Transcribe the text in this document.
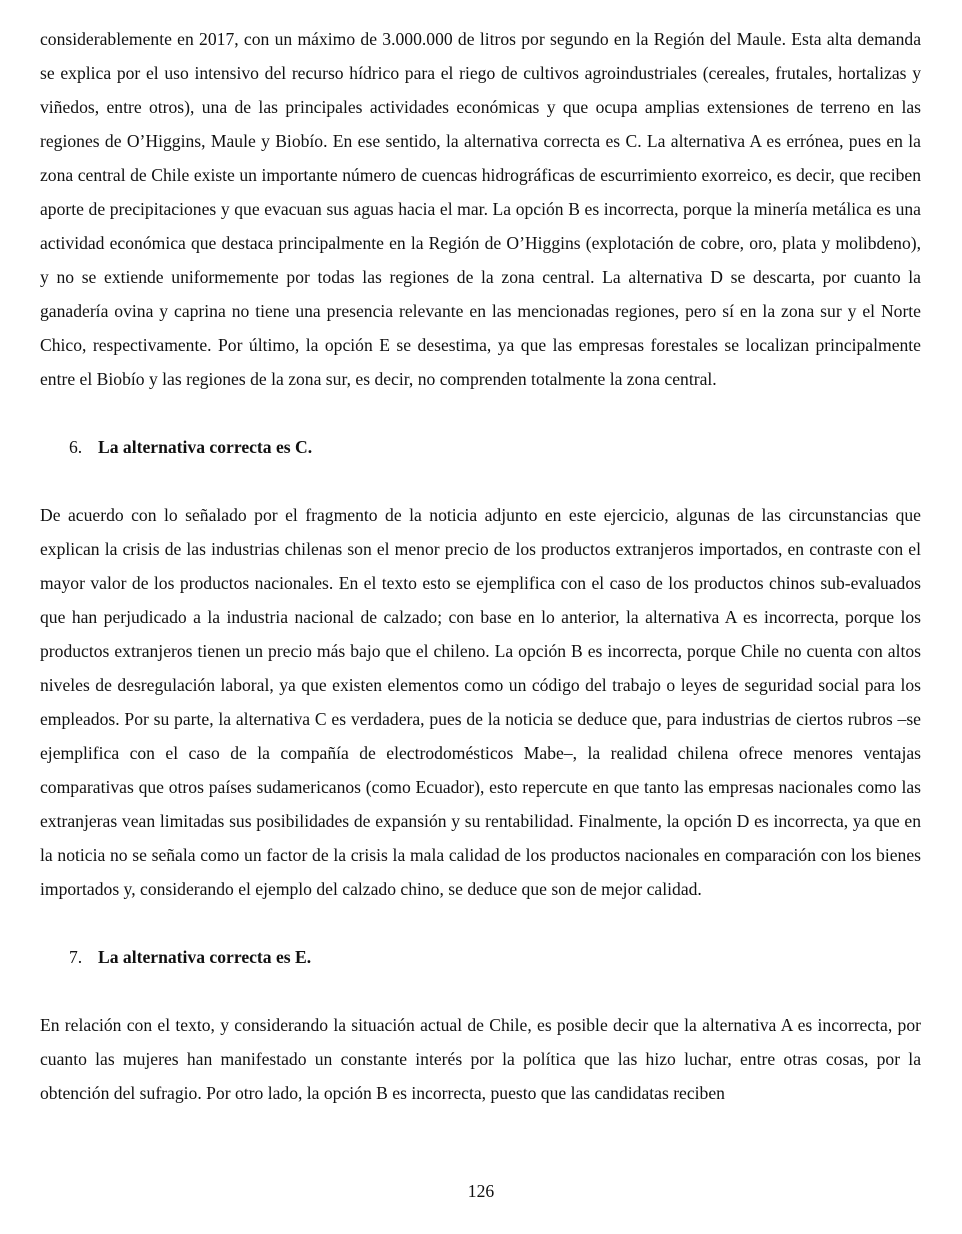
considerablemente en 2017, con un máximo de 3.000.000 de litros por segundo en la Región del Maule. Esta alta demanda se explica por el uso intensivo del recurso hídrico para el riego de cultivos agroindustriales (cereales, frutales, hortalizas y viñedos, entre otros), una de las principales actividades económicas y que ocupa amplias extensiones de terreno en las regiones de O’Higgins, Maule y Biobío. En ese sentido, la alternativa correcta es C. La alternativa A es errónea, pues en la zona central de Chile existe un importante número de cuencas hidrográficas de escurrimiento exorreico, es decir, que reciben aporte de precipitaciones y que evacuan sus aguas hacia el mar. La opción B es incorrecta, porque la minería metálica es una actividad económica que destaca principalmente en la Región de O’Higgins (explotación de cobre, oro, plata y molibdeno), y no se extiende uniformemente por todas las regiones de la zona central. La alternativa D se descarta, por cuanto la ganadería ovina y caprina no tiene una presencia relevante en las mencionadas regiones, pero sí en la zona sur y el Norte Chico, respectivamente. Por último, la opción E se desestima, ya que las empresas forestales se localizan principalmente entre el Biobío y las regiones de la zona sur, es decir, no comprenden totalmente la zona central.

6. La alternativa correcta es C.

De acuerdo con lo señalado por el fragmento de la noticia adjunto en este ejercicio, algunas de las circunstancias que explican la crisis de las industrias chilenas son el menor precio de los productos extranjeros importados, en contraste con el mayor valor de los productos nacionales. En el texto esto se ejemplifica con el caso de los productos chinos sub-evaluados que han perjudicado a la industria nacional de calzado; con base en lo anterior, la alternativa A es incorrecta, porque los productos extranjeros tienen un precio más bajo que el chileno. La opción B es incorrecta, porque Chile no cuenta con altos niveles de desregulación laboral, ya que existen elementos como un código del trabajo o leyes de seguridad social para los empleados. Por su parte, la alternativa C es verdadera, pues de la noticia se deduce que, para industrias de ciertos rubros –se ejemplifica con el caso de la compañía de electrodomésticos Mabe–, la realidad chilena ofrece menores ventajas comparativas que otros países sudamericanos (como Ecuador), esto repercute en que tanto las empresas nacionales como las extranjeras vean limitadas sus posibilidades de expansión y su rentabilidad. Finalmente, la opción D es incorrecta, ya que en la noticia no se señala como un factor de la crisis la mala calidad de los productos nacionales en comparación con los bienes importados y, considerando el ejemplo del calzado chino, se deduce que son de mejor calidad.

7. La alternativa correcta es E.

En relación con el texto, y considerando la situación actual de Chile, es posible decir que la alternativa A es incorrecta, por cuanto las mujeres han manifestado un constante interés por la política que las hizo luchar, entre otras cosas, por la obtención del sufragio. Por otro lado, la opción B es incorrecta, puesto que las candidatas reciben

126
